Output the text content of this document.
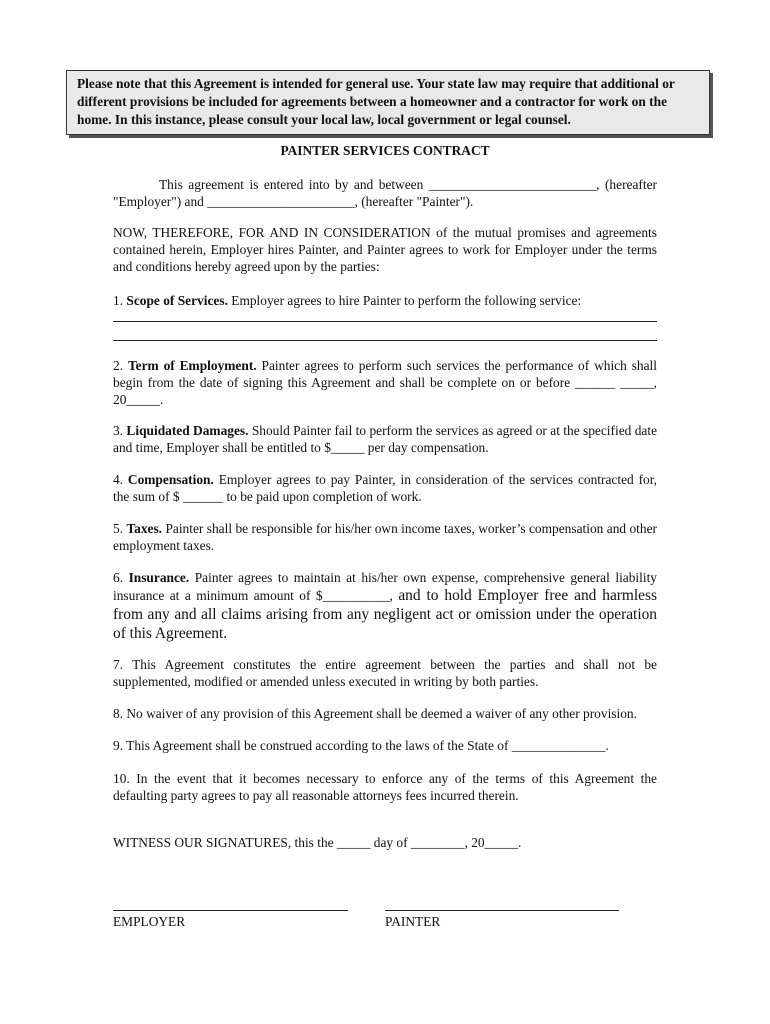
Please note that this Agreement is intended for general use. Your state law may require that additional or different provisions be included for agreements between a homeowner and a contractor for work on the home. In this instance, please consult your local law, local government or legal counsel.
PAINTER SERVICES CONTRACT
This agreement is entered into by and between _________________________, (hereafter "Employer") and ______________________, (hereafter "Painter").
NOW, THEREFORE, FOR AND IN CONSIDERATION of the mutual promises and agreements contained herein, Employer hires Painter, and Painter agrees to work for Employer under the terms and conditions hereby agreed upon by the parties:
1. Scope of Services. Employer agrees to hire Painter to perform the following service:
2. Term of Employment. Painter agrees to perform such services the performance of which shall begin from the date of signing this Agreement and shall be complete on or before ______ _____, 20_____.
3. Liquidated Damages. Should Painter fail to perform the services as agreed or at the specified date and time, Employer shall be entitled to $_____ per day compensation.
4. Compensation. Employer agrees to pay Painter, in consideration of the services contracted for, the sum of $ ______ to be paid upon completion of work.
5. Taxes. Painter shall be responsible for his/her own income taxes, worker’s compensation and other employment taxes.
6. Insurance. Painter agrees to maintain at his/her own expense, comprehensive general liability insurance at a minimum amount of $__________, and to hold Employer free and harmless from any and all claims arising from any negligent act or omission under the operation of this Agreement.
7. This Agreement constitutes the entire agreement between the parties and shall not be supplemented, modified or amended unless executed in writing by both parties.
8. No waiver of any provision of this Agreement shall be deemed a waiver of any other provision.
9. This Agreement shall be construed according to the laws of the State of ______________.
10. In the event that it becomes necessary to enforce any of the terms of this Agreement the defaulting party agrees to pay all reasonable attorneys fees incurred therein.
WITNESS OUR SIGNATURES, this the _____ day of ________, 20_____.
EMPLOYER	PAINTER
